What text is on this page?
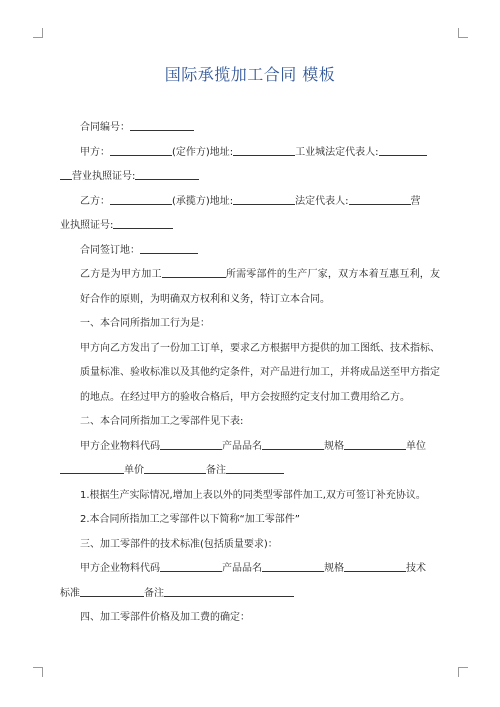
国际承揽加工合同 模板

合同编号：

甲方：	(定作方)地址:	工业城法定代表人:

营业执照证号:

乙方：	(承揽方)地址:	法定代表人:	营

业执照证号:

合同签订地：

乙方是为甲方加工	所需零部件的生产厂家，双方本着互惠互利，友好合作的原则，为明确双方权利和义务，特订立本合同。

一、本合同所指加工行为是：

甲方向乙方发出了一份加工订单，要求乙方根据甲方提供的加工图纸、技术指标、质量标准、验收标准以及其他约定条件，对产品进行加工，并将成品送至甲方指定的地点。在经过甲方的验收合格后，甲方会按照约定支付加工费用给乙方。

二、本合同所指加工之零部件见下表:

甲方企业物料代码	产品品名	规格	单位

单价	备注

1.根据生产实际情况,增加上表以外的同类型零部件加工,双方可签订补充协议。

2.本合同所指加工之零部件以下简称“加工零部件”

三、加工零部件的技术标准(包括质量要求)：

甲方企业物料代码	产品品名	规格	技术

标准	备注

四、加工零部件价格及加工费的确定：
